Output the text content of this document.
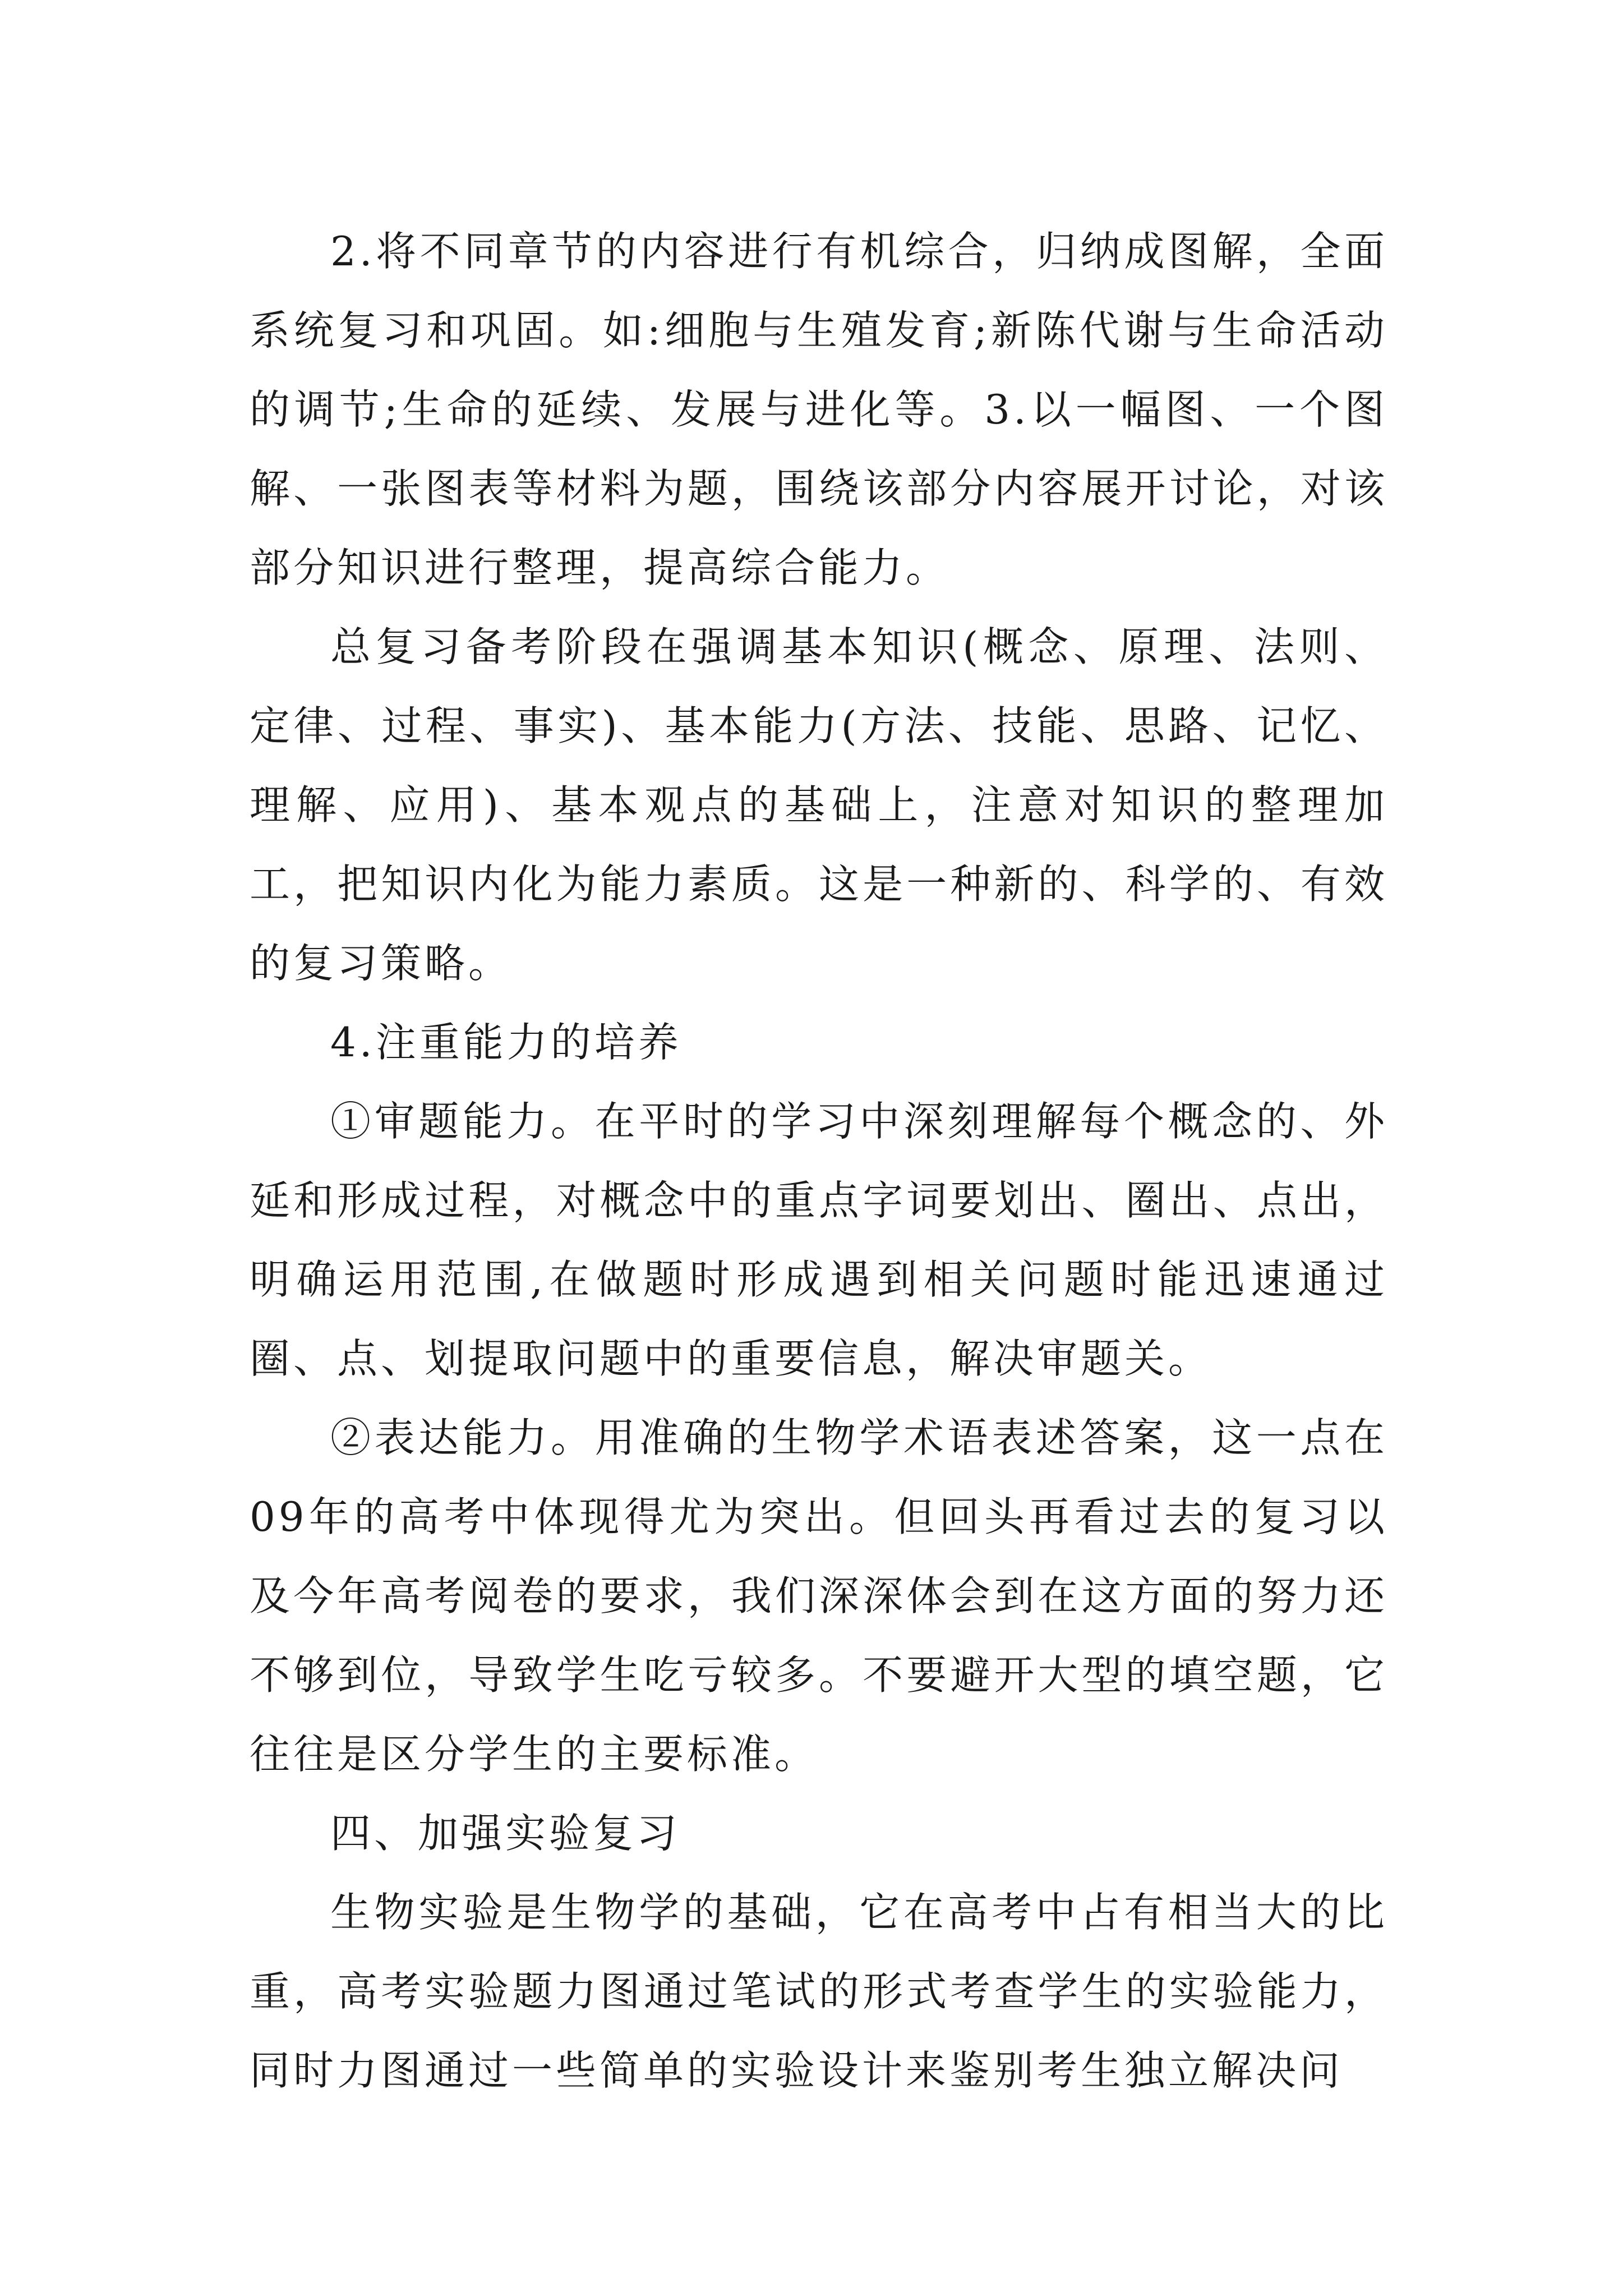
2.将不同章节的内容进行有机综合，归纳成图解，全面系统复习和巩固。如:细胞与生殖发育;新陈代谢与生命活动的调节;生命的延续、发展与进化等。3.以一幅图、一个图解、一张图表等材料为题，围绕该部分内容展开讨论，对该部分知识进行整理，提高综合能力。

总复习备考阶段在强调基本知识(概念、原理、法则、定律、过程、事实)、基本能力(方法、技能、思路、记忆、理解、应用)、基本观点的基础上，注意对知识的整理加工，把知识内化为能力素质。这是一种新的、科学的、有效的复习策略。

4.注重能力的培养

①审题能力。在平时的学习中深刻理解每个概念的、外延和形成过程，对概念中的重点字词要划出、圈出、点出，明确运用范围,在做题时形成遇到相关问题时能迅速通过圈、点、划提取问题中的重要信息，解决审题关。

②表达能力。用准确的生物学术语表述答案，这一点在09年的高考中体现得尤为突出。但回头再看过去的复习以及今年高考阅卷的要求，我们深深体会到在这方面的努力还不够到位，导致学生吃亏较多。不要避开大型的填空题，它往往是区分学生的主要标准。

四、加强实验复习

生物实验是生物学的基础，它在高考中占有相当大的比重，高考实验题力图通过笔试的形式考查学生的实验能力，同时力图通过一些简单的实验设计来鉴别考生独立解决问
